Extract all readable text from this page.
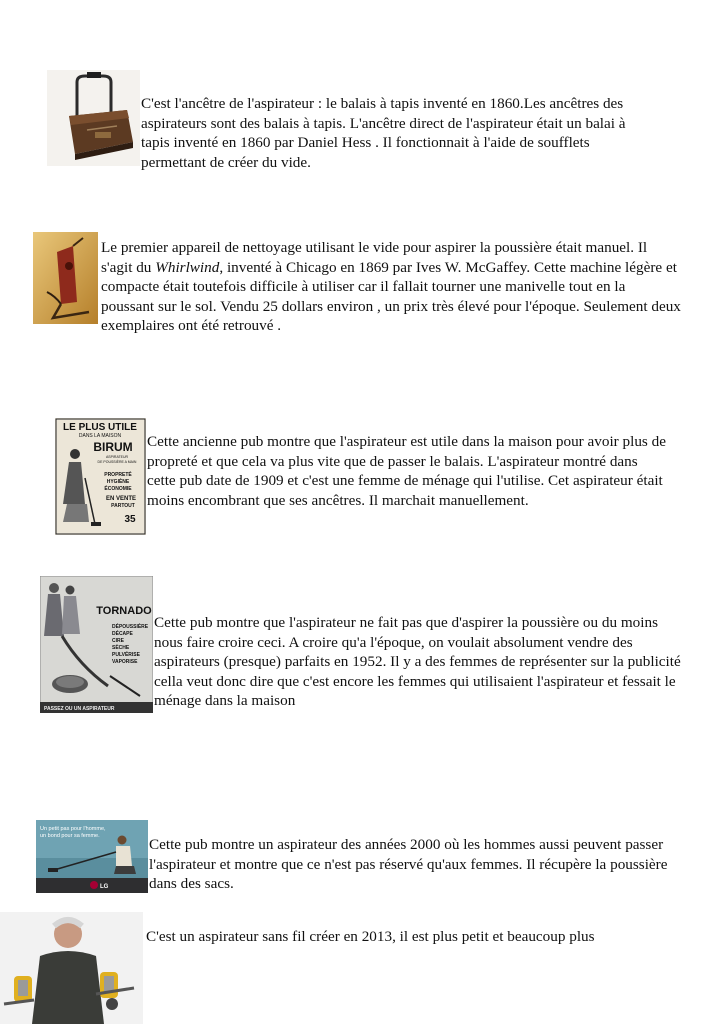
C'est l'ancêtre de l'aspirateur : le balais à tapis inventé en 1860.Les ancêtres des aspirateurs sont des balais à tapis. L'ancêtre direct de l'aspirateur était un balai à tapis inventé en 1860 par Daniel Hess . Il fonctionnait à l'aide de soufflets permettant de créer du vide.

Le premier appareil de nettoyage utilisant le vide pour aspirer la poussière était manuel. Il s'agit du Whirlwind, inventé à Chicago en 1869 par Ives W. McGaffey. Cette machine légère et compacte était toutefois difficile à utiliser car il fallait tourner une manivelle tout en la poussant sur le sol. Vendu 25 dollars environ , un prix très élevé pour l'époque. Seulement deux exemplaires ont été retrouvé .

LE PLUS UTILE
DANS LA MAISON
BIRUM
ASPIRATEUR
DE POUSSIÈRE A MAIN
PROPRETÉ
HYGIÈNE
ÉCONOMIE
EN VENTE
PARTOUT
35

Cette ancienne pub montre que l'aspirateur est utile dans la maison pour avoir plus de propreté et que cela va plus vite que de passer le balais. L'aspirateur montré dans cette pub date de 1909 et c'est une femme de ménage qui l'utilise. Cet aspirateur était moins encombrant que ses ancêtres. Il marchait manuellement.

TORNADO
DÉPOUSSIÈRE
DÉCAPE
CIRE
SÈCHE
PULVÉRISE
VAPORISE
PASSEZ OU UN ASPIRATEUR

Cette pub montre que l'aspirateur ne fait pas que d'aspirer la poussière ou du moins nous faire croire ceci. A croire qu'a l'époque, on voulait absolument vendre des aspirateurs (presque) parfaits en 1952. Il y a des femmes de représenter sur la publicité cella veut donc dire que c'est encore les femmes qui utilisaient l'aspirateur et fessait le ménage dans la maison

Un petit pas pour l'homme,
un bond pour sa femme.
LG

Cette pub montre un aspirateur des années 2000 où les hommes aussi peuvent passer l'aspirateur et montre que ce n'est pas réservé qu'aux femmes. Il récupère la poussière dans des sacs.

C'est un aspirateur sans fil créer en 2013, il est plus petit et beaucoup plus
